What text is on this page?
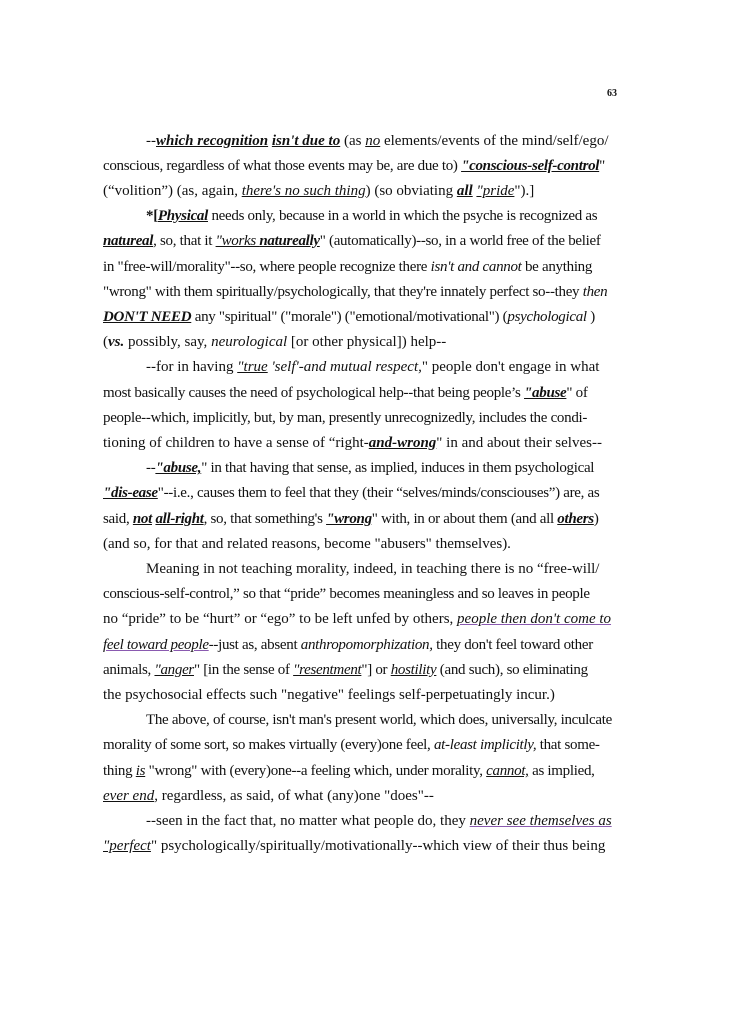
63
--which recognition isn't due to (as no elements/events of the mind/self/ego/
conscious, regardless of what those events may be, are due to) "conscious-self-control"
(“volition”) (as, again, there's no such thing) (so obviating all "pride").]
*[Physical needs only, because in a world in which the psyche is recognized as
natureal, so, that it "works natureally" (automatically)--so, in a world free of the belief
in "free-will/morality"--so, where people recognize there isn't and cannot be anything
"wrong" with them spiritually/psychologically, that they're innately perfect so--they then
DON'T NEED any "spiritual" ("morale") ("emotional/motivational") (psychological )
(vs. possibly, say, neurological [or other physical]) help--
--for in having "true 'self'-and mutual respect," people don't engage in what
most basically causes the need of psychological help--that being people’s "abuse" of
people--which, implicitly, but, by man, presently unrecognizedly, includes the condi-
tioning of children to have a sense of “right-and-wrong" in and about their selves--
--"abuse," in that having that sense, as implied, induces in them psychological
"dis-ease"--i.e., causes them to feel that they (their “selves/minds/consciouses”) are, as
said, not all-right, so, that something's "wrong" with, in or about them (and all others)
(and so, for that and related reasons, become "abusers" themselves).
Meaning in not teaching morality, indeed, in teaching there is no “free-will/
conscious-self-control,” so that “pride” becomes meaningless and so leaves in people
no “pride” to be “hurt” or “ego” to be left unfed by others, people then don't come to
feel toward people--just as, absent anthropomorphization, they don't feel toward other
animals, "anger" [in the sense of "resentment"] or hostility (and such), so eliminating
the psychosocial effects such "negative" feelings self-perpetuatingly incur.)
The above, of course, isn't man's present world, which does, universally, inculcate
morality of some sort, so makes virtually (every)one feel, at-least implicitly, that some-
thing is "wrong" with (every)one--a feeling which, under morality, cannot, as implied,
ever end, regardless, as said, of what (any)one "does"--
--seen in the fact that, no matter what people do, they never see themselves as
"perfect" psychologically/spiritually/motivationally--which view of their thus being
